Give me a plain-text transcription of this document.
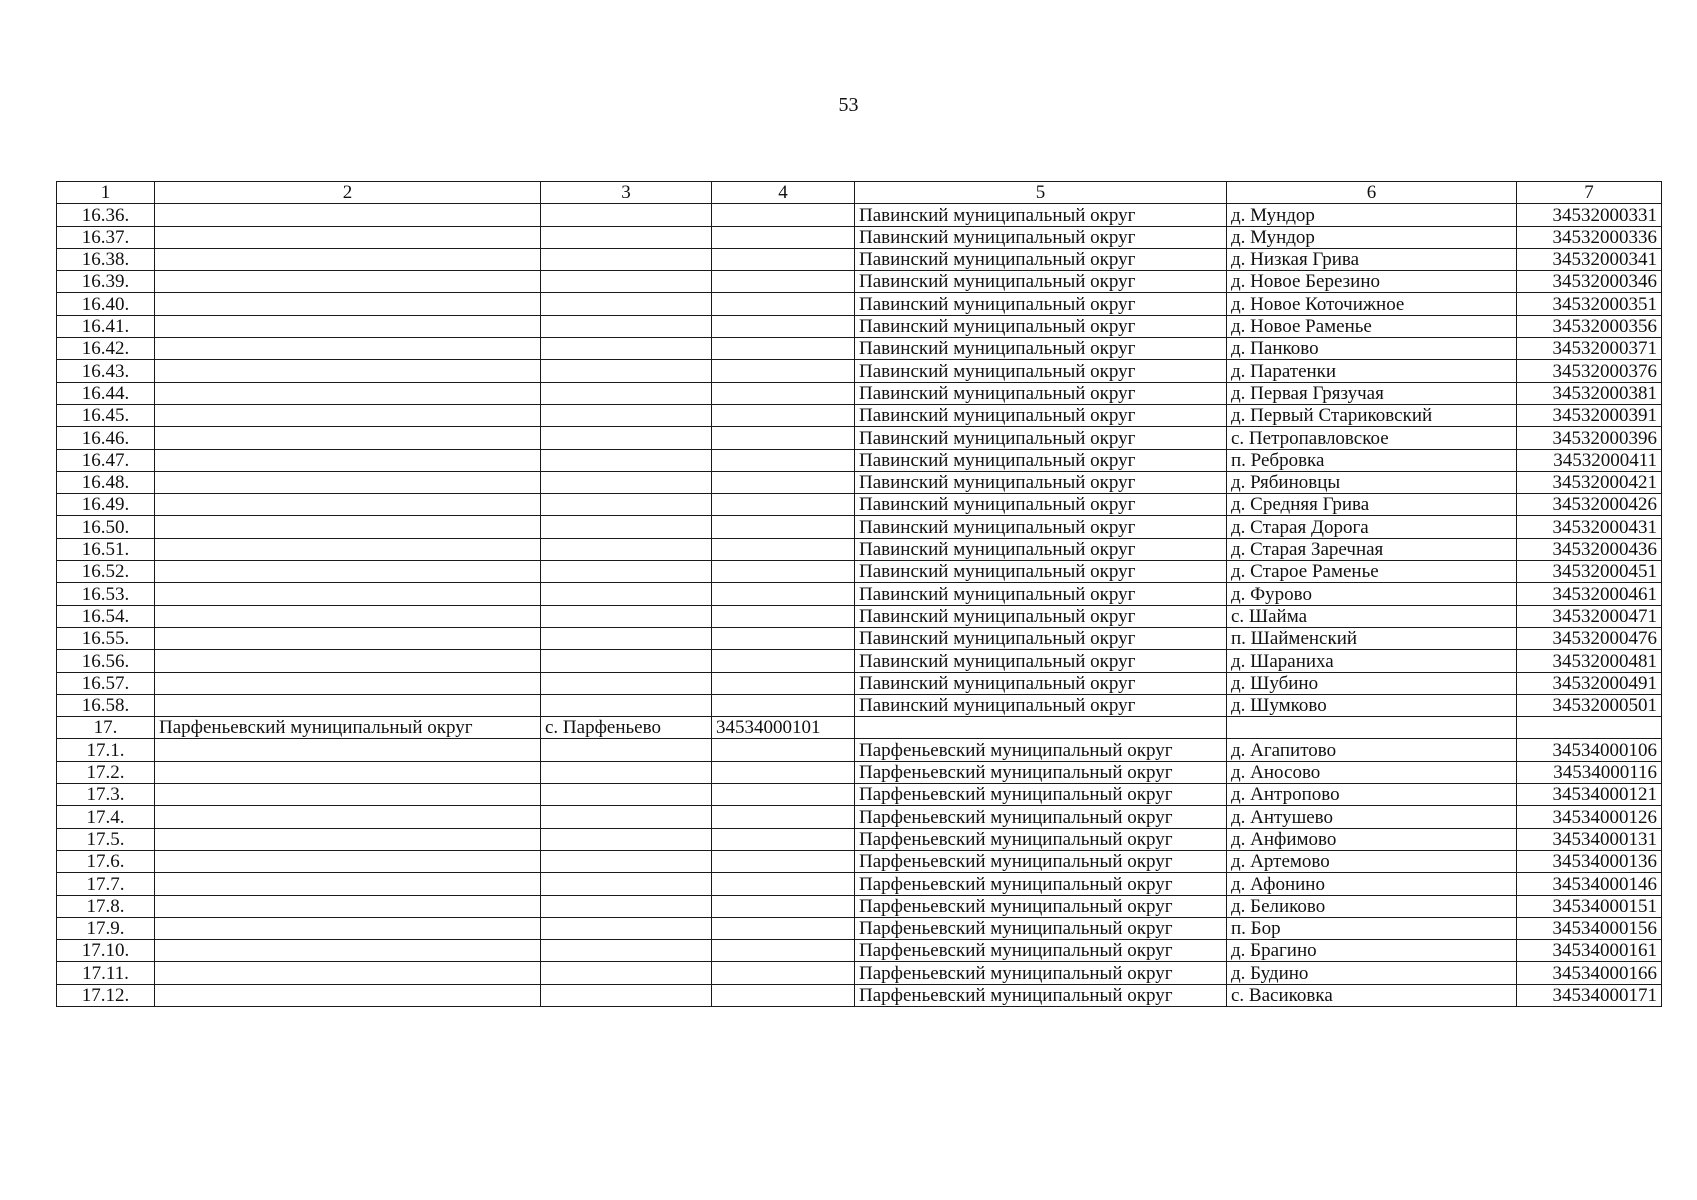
53
1	2	3	4	5	6	7
16.36.				Павинский муниципальный округ	д. Мундор	34532000331
16.37.				Павинский муниципальный округ	д. Мундор	34532000336
16.38.				Павинский муниципальный округ	д. Низкая Грива	34532000341
16.39.				Павинский муниципальный округ	д. Новое Березино	34532000346
16.40.				Павинский муниципальный округ	д. Новое Коточижное	34532000351
16.41.				Павинский муниципальный округ	д. Новое Раменье	34532000356
16.42.				Павинский муниципальный округ	д. Панково	34532000371
16.43.				Павинский муниципальный округ	д. Паратенки	34532000376
16.44.				Павинский муниципальный округ	д. Первая Грязучая	34532000381
16.45.				Павинский муниципальный округ	д. Первый Стариковский	34532000391
16.46.				Павинский муниципальный округ	с. Петропавловское	34532000396
16.47.				Павинский муниципальный округ	п. Ребровка	34532000411
16.48.				Павинский муниципальный округ	д. Рябиновцы	34532000421
16.49.				Павинский муниципальный округ	д. Средняя Грива	34532000426
16.50.				Павинский муниципальный округ	д. Старая Дорога	34532000431
16.51.				Павинский муниципальный округ	д. Старая Заречная	34532000436
16.52.				Павинский муниципальный округ	д. Старое Раменье	34532000451
16.53.				Павинский муниципальный округ	д. Фурово	34532000461
16.54.				Павинский муниципальный округ	с. Шайма	34532000471
16.55.				Павинский муниципальный округ	п. Шайменский	34532000476
16.56.				Павинский муниципальный округ	д. Шараниха	34532000481
16.57.				Павинский муниципальный округ	д. Шубино	34532000491
16.58.				Павинский муниципальный округ	д. Шумково	34532000501
17.	Парфеньевский муниципальный округ	с. Парфеньево	34534000101			
17.1.				Парфеньевский муниципальный округ	д. Агапитово	34534000106
17.2.				Парфеньевский муниципальный округ	д. Аносово	34534000116
17.3.				Парфеньевский муниципальный округ	д. Антропово	34534000121
17.4.				Парфеньевский муниципальный округ	д. Антушево	34534000126
17.5.				Парфеньевский муниципальный округ	д. Анфимово	34534000131
17.6.				Парфеньевский муниципальный округ	д. Артемово	34534000136
17.7.				Парфеньевский муниципальный округ	д. Афонино	34534000146
17.8.				Парфеньевский муниципальный округ	д. Беликово	34534000151
17.9.				Парфеньевский муниципальный округ	п. Бор	34534000156
17.10.				Парфеньевский муниципальный округ	д. Брагино	34534000161
17.11.				Парфеньевский муниципальный округ	д. Будино	34534000166
17.12.				Парфеньевский муниципальный округ	с. Васиковка	34534000171
